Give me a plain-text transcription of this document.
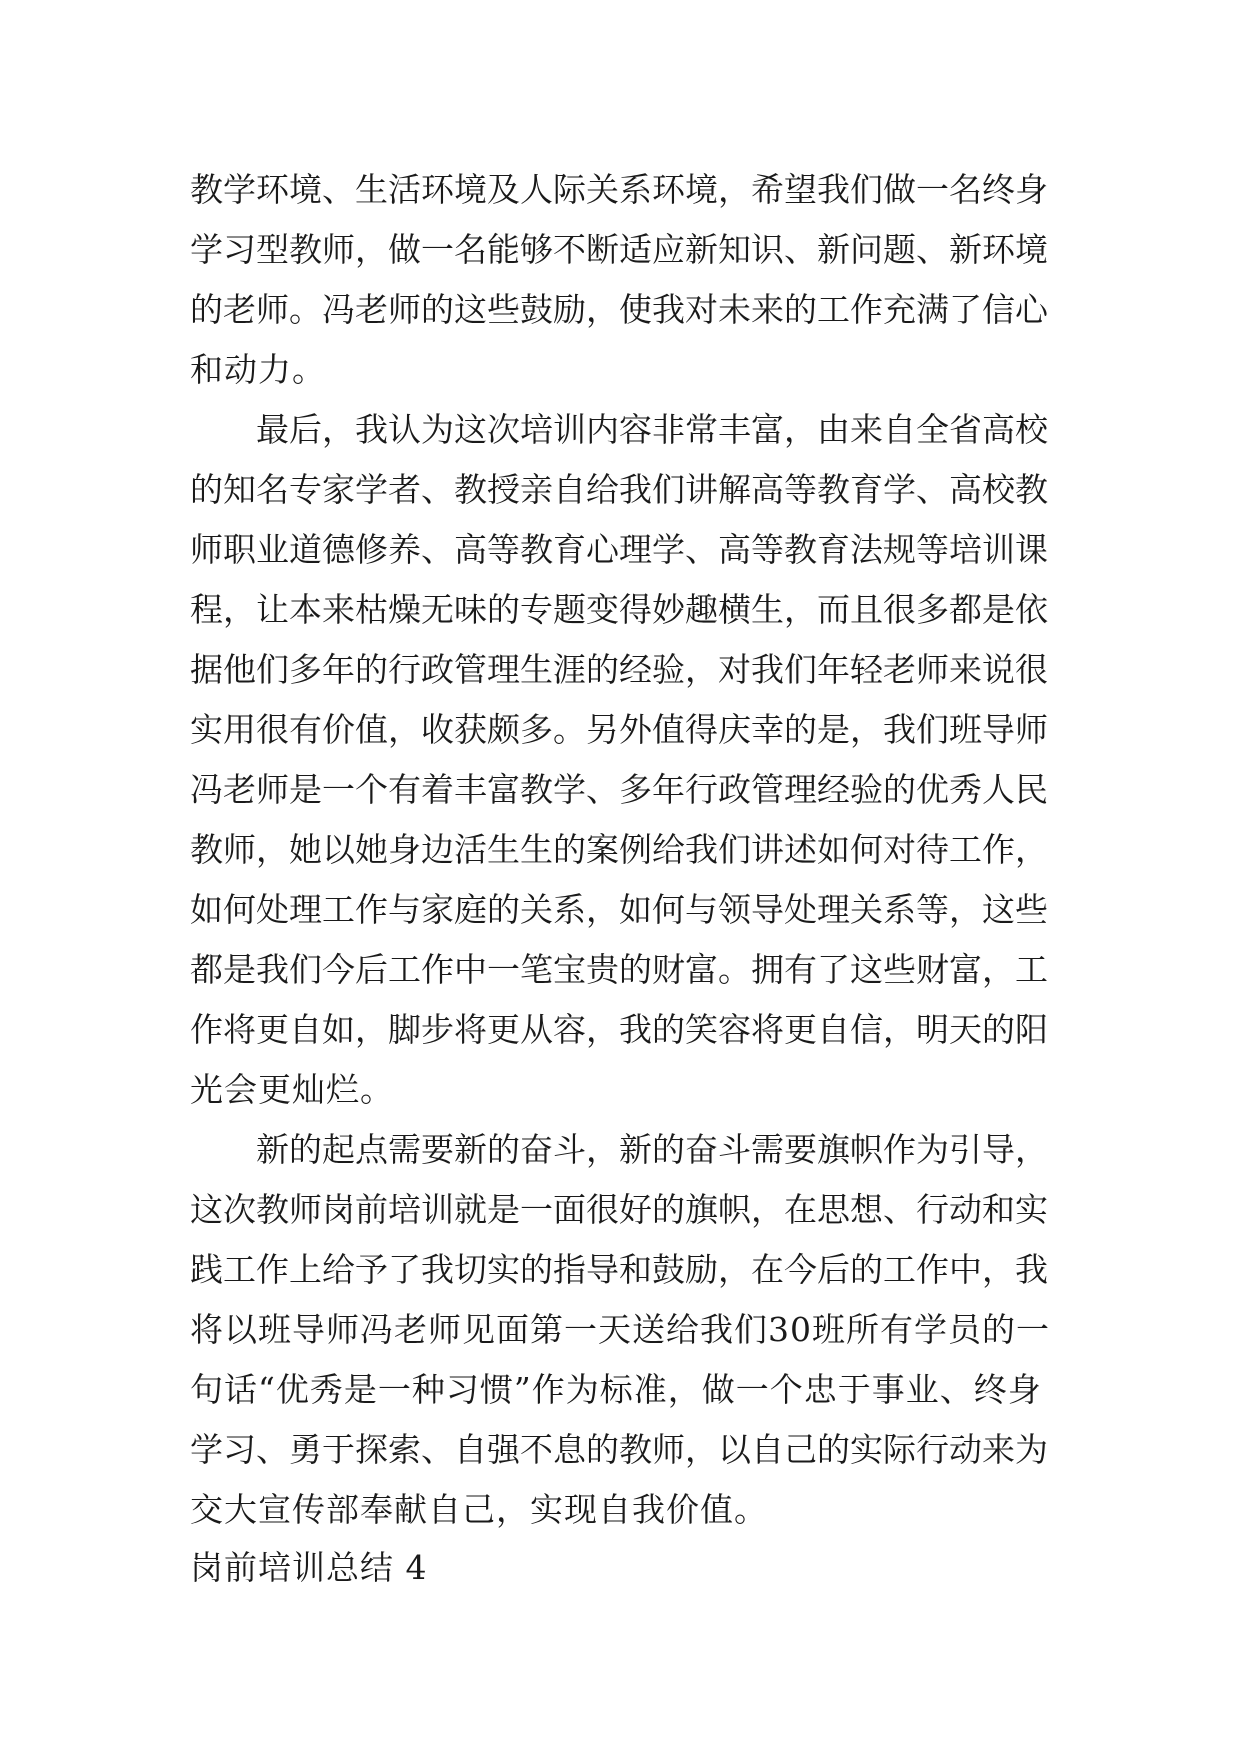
教学环境、生活环境及人际关系环境，希望我们做一名终身
学习型教师，做一名能够不断适应新知识、新问题、新环境
的老师。冯老师的这些鼓励，使我对未来的工作充满了信心
和动力。
最后，我认为这次培训内容非常丰富，由来自全省高校
的知名专家学者、教授亲自给我们讲解高等教育学、高校教
师职业道德修养、高等教育心理学、高等教育法规等培训课
程，让本来枯燥无味的专题变得妙趣横生，而且很多都是依
据他们多年的行政管理生涯的经验，对我们年轻老师来说很
实用很有价值，收获颇多。另外值得庆幸的是，我们班导师
冯老师是一个有着丰富教学、多年行政管理经验的优秀人民
教师，她以她身边活生生的案例给我们讲述如何对待工作，
如何处理工作与家庭的关系，如何与领导处理关系等，这些
都是我们今后工作中一笔宝贵的财富。拥有了这些财富，工
作将更自如，脚步将更从容，我的笑容将更自信，明天的阳
光会更灿烂。
新的起点需要新的奋斗，新的奋斗需要旗帜作为引导，
这次教师岗前培训就是一面很好的旗帜，在思想、行动和实
践工作上给予了我切实的指导和鼓励，在今后的工作中，我
将以班导师冯老师见面第一天送给我们30班所有学员的一
句话“优秀是一种习惯”作为标准，做一个忠于事业、终身
学习、勇于探索、自强不息的教师，以自己的实际行动来为
交大宣传部奉献自己，实现自我价值。
岗前培训总结 4
